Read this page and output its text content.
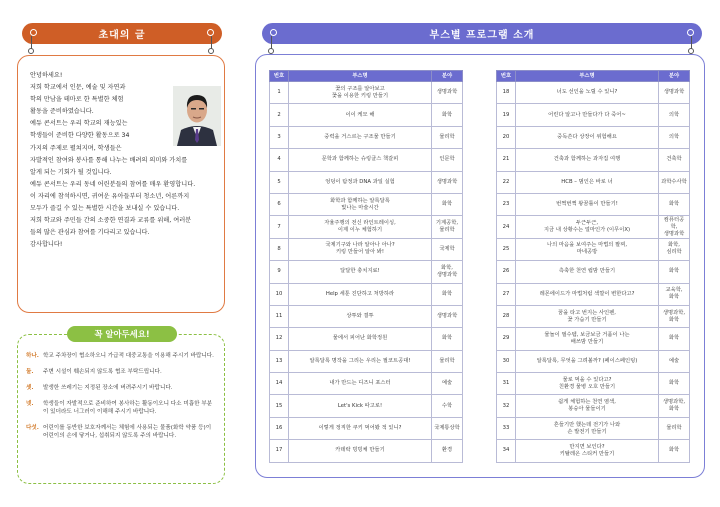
초대의 글
안녕하세요!
저희 학교에서 인문, 예술 및 자연과
학의 만남을 테마로 한 특별한 체험
활동을 준비하였습니다.
예듀 콘서트는 우리 학교의 재능있는
학생들이 준비한 다양한 활동으로 34
가지의 주제로 펼쳐지며, 학생들은
자발적인 참여와 봉사를 통해 나누는 배려의 의미와 가치를
알게 되는 기회가 될 것입니다.
예듀 콘서트는 우리 동네 어린분들의 참여를 매우 환영합니다.
이 자리에 참석하시면, 귀여운 유아들부터 청소년, 어른까지
모두가 즐길 수 있는 특별한 시간을 보내실 수 있습니다.
저희 학교와 주민들 간의 소중한 연결과 교류를 위해, 여러분
들의 많은 관심과 참여를 기다리고 있습니다.
감사합니다!
하나. 학교 주차장이 협소하오니 가급적 대중교통을 이용해 주시기 바랍니다.
둘.	주변 시설이 훼손되지 않도록 협조 부탁드립니다.
셋.	발생한 쓰레기는 지정된 장소에 버려주시기 바랍니다.
넷.	학생들이 자발적으로 준비하여 봉사하는 활동이오니 다소 미흡한 부분이 있더라도 너그러이 이해해 주시기 바랍니다.
다섯. 어린이를 동반한 보호자께서는 체험에 사용되는 물품(화학 약품 등)이 어린이의 손에 닿거나, 섭취되지 않도록 주의 바랍니다.
꼭 알아두세요!
부스별 프로그램 소개
번호	부스명	분야
1	꽃의 구조를 알아보고
꽃을 이용한 키링 만들기	생명과학
2	이이 케모 해	화학
3	중력을 거스르는 구조물 만들기	물리학
4	문학과 함께하는 슈링클스 책갈피	인문학
5	엉덩이 탐정과 DNA 과일 실험	생명과학
6	화학과 함께하는 알록달록
빛나는 마술시간	화학
7	자율주행의 전신 라인트레이싱,
이제 이누 체험하기	기계공학,
물리학
8	국제기구와 나라 알아나 아나?
키링 만들어 알아 봐!	국제학
9	달달한 충치지료!	화학,
생명과학
10	Help 세툰 진단하고 처방하라	화학
11	상투와 결투	생명과학
12	물에서 피어난 화학정원	화학
13	알록달록 명작을 그리는 우리는 필코트공대!	물리학
14	내가 만드는 디즈니 포스터	예술
15	Let's Kick 따고로!	수학
16	이렇게 정직한 쿠키 먹어봤 적 있니?	국제통상학
17	카데락 빙빙체 만들기	환경
번호	부스명	분야
18	너도 선인을 노릴 수 있니?	생명과학
19	어린다 알고나 만들다가 다 죽어~	의학
20	중독쓴다 상장이 위험해요	의학
21	건축과 함께하는 과자집 여행	건축학
22	HCB – 범인은 바로 너	과학수사학
23	번쩍번쩍 왕꿈틀이 만들기!	화학
24	두근두근,
지금 내 상황수는 얼마인가 (이무이X)	컴퓨터공학,
생명과학
25	나의 마음을 보여주는 마법의 팔찌,
마네공방	화학,
심리학
26	측축한 천연 립밤 만들기	화학
27	레몬에이드가 마법처럼 색깔이 변한다고?	교육학,
화학
28	꿈을 타고 번지는 사인펜,
꽃 가습기 만들기	생명과학,
화학
29	물놀이 필수템, 보금보금 거품이 나는
배쓰밤 만들기	화학
30	알록달록, 무엇을 그려볼까? (페이스페인팅)	예술
31	물로 먹을 수 있다고?
친환경 물병 오호 만들기	화학
32	쉽게 체험하는 천연 염색,
봉숭아 물들이기	생명과학,
화학
33	흔들기만 했는데 전기가 나와
손 발전기 만들기	물리학
34	만지면 보인다?
키탈레온 스티커 만들기	화학
